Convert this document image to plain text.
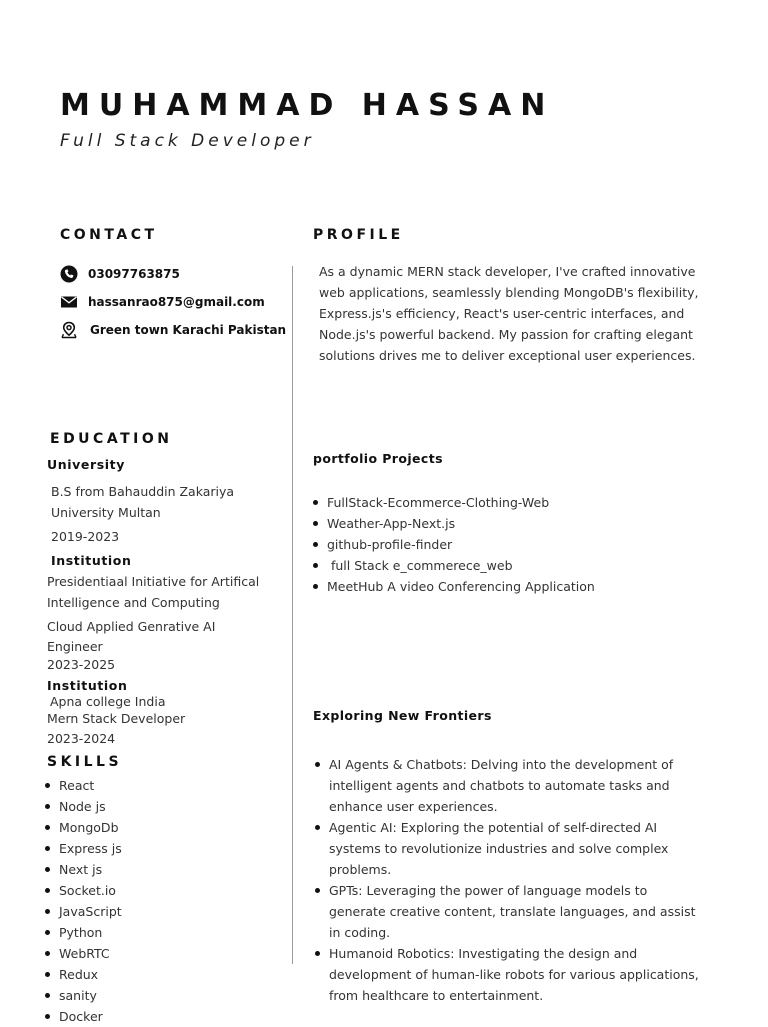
MUHAMMAD HASSAN
Full Stack Developer
CONTACT
03097763875
hassanrao875@gmail.com
Green town Karachi Pakistan
PROFILE
As a dynamic MERN stack developer, I've crafted innovative web applications, seamlessly blending MongoDB's flexibility, Express.js's efficiency, React's user-centric interfaces, and Node.js's powerful backend. My passion for crafting elegant solutions drives me to deliver exceptional user experiences.
EDUCATION
University
B.S from Bahauddin Zakariya
University Multan
2019-2023
Institution
Presidentiaal Initiative for Artifical
Intelligence and Computing
Cloud Applied Genrative AI
Engineer
2023-2025
Institution
Apna college India
Mern Stack Developer
2023-2024
SKILLS
React
Node js
MongoDb
Express js
Next js
Socket.io
JavaScript
Python
WebRTC
Redux
sanity
Docker
portfolio Projects
FullStack-Ecommerce-Clothing-Web
Weather-App-Next.js
github-profile-finder
full Stack e_commerece_web
MeetHub A video Conferencing Application
Exploring New Frontiers
AI Agents & Chatbots: Delving into the development of intelligent agents and chatbots to automate tasks and enhance user experiences.
Agentic AI: Exploring the potential of self-directed AI systems to revolutionize industries and solve complex problems.
GPTs: Leveraging the power of language models to generate creative content, translate languages, and assist in coding.
Humanoid Robotics: Investigating the design and development of human-like robots for various applications, from healthcare to entertainment.
